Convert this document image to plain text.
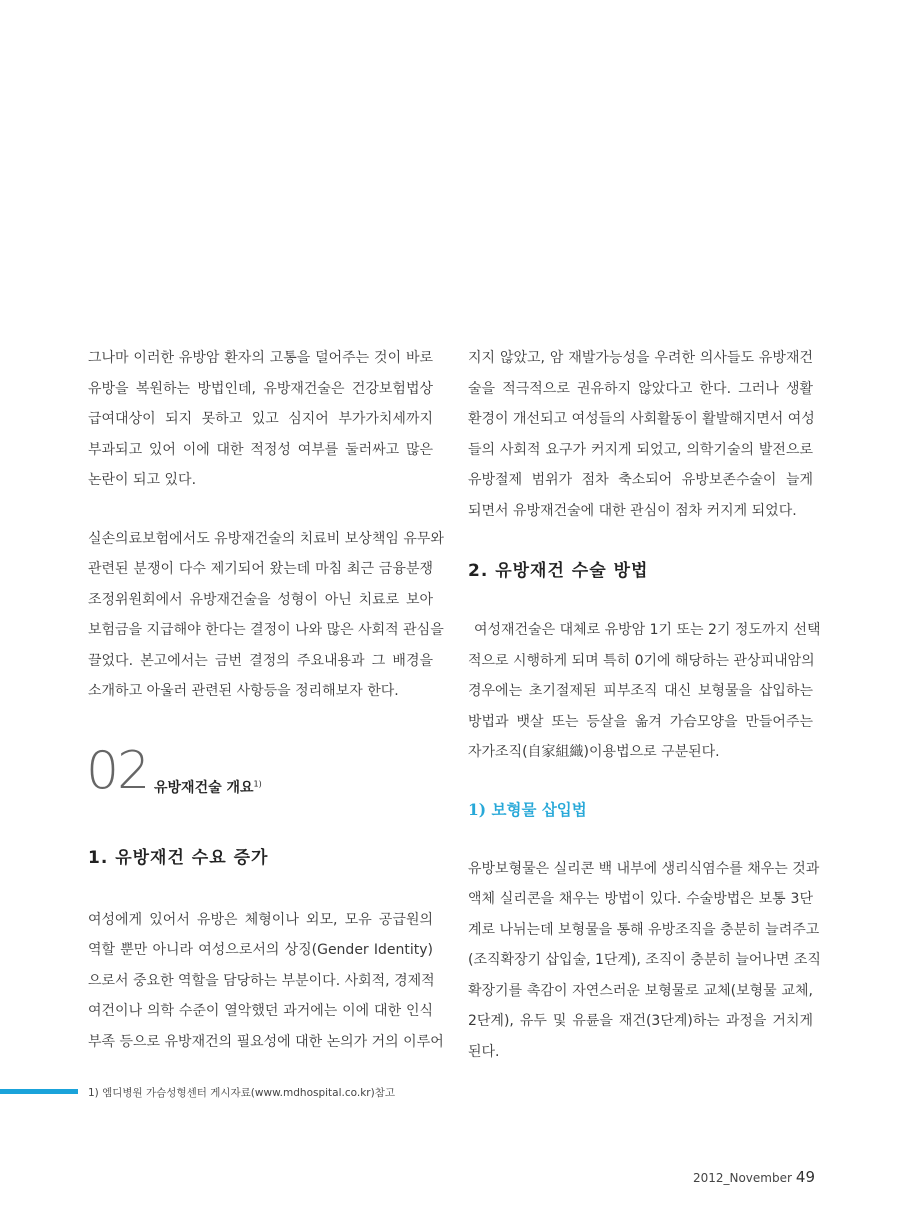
그나마 이러한 유방암 환자의 고통을 덜어주는 것이 바로
유방을 복원하는 방법인데, 유방재건술은 건강보험법상
급여대상이 되지 못하고 있고 심지어 부가가치세까지
부과되고 있어 이에 대한 적정성 여부를 둘러싸고 많은
논란이 되고 있다.
실손의료보험에서도 유방재건술의 치료비 보상책임 유무와
관련된 분쟁이 다수 제기되어 왔는데 마침 최근 금융분쟁
조정위원회에서 유방재건술을 성형이 아닌 치료로 보아
보험금을 지급해야 한다는 결정이 나와 많은 사회적 관심을
끌었다. 본고에서는 금번 결정의 주요내용과 그 배경을
소개하고 아울러 관련된 사항등을 정리해보자 한다.
02 유방재건술 개요$^{1)}$
1. 유방재건 수요 증가
여성에게 있어서 유방은 체형이나 외모, 모유 공급원의
역할 뿐만 아니라 여성으로서의 상징(Gender Identity)
으로서 중요한 역할을 담당하는 부분이다. 사회적, 경제적
여건이나 의학 수준이 열악했던 과거에는 이에 대한 인식
부족 등으로 유방재건의 필요성에 대한 논의가 거의 이루어
지지 않았고, 암 재발가능성을 우려한 의사들도 유방재건
술을 적극적으로 권유하지 않았다고 한다. 그러나 생활
환경이 개선되고 여성들의 사회활동이 활발해지면서 여성
들의 사회적 요구가 커지게 되었고, 의학기술의 발전으로
유방절제 범위가 점차 축소되어 유방보존수술이 늘게
되면서 유방재건술에 대한 관심이 점차 커지게 되었다.
2. 유방재건 수술 방법
여성재건술은 대체로 유방암 1기 또는 2기 정도까지 선택
적으로 시행하게 되며 특히 0기에 해당하는 관상피내암의
경우에는 초기절제된 피부조직 대신 보형물을 삽입하는
방법과 뱃살 또는 등살을 옮겨 가슴모양을 만들어주는
자가조직(自家組織)이용법으로 구분된다.
1) 보형물 삽입법
유방보형물은 실리콘 백 내부에 생리식염수를 채우는 것과
액체 실리콘을 채우는 방법이 있다. 수술방법은 보통 3단
계로 나뉘는데 보형물을 통해 유방조직을 충분히 늘려주고
(조직확장기 삽입술, 1단계), 조직이 충분히 늘어나면 조직
확장기를 촉감이 자연스러운 보형물로 교체(보형물 교체,
2단계), 유두 및 유륜을 재건(3단계)하는 과정을 거치게
된다.
1) 엠디병원 가슴성형센터 게시자료(www.mdhospital.co.kr)참고
2012_November 49
